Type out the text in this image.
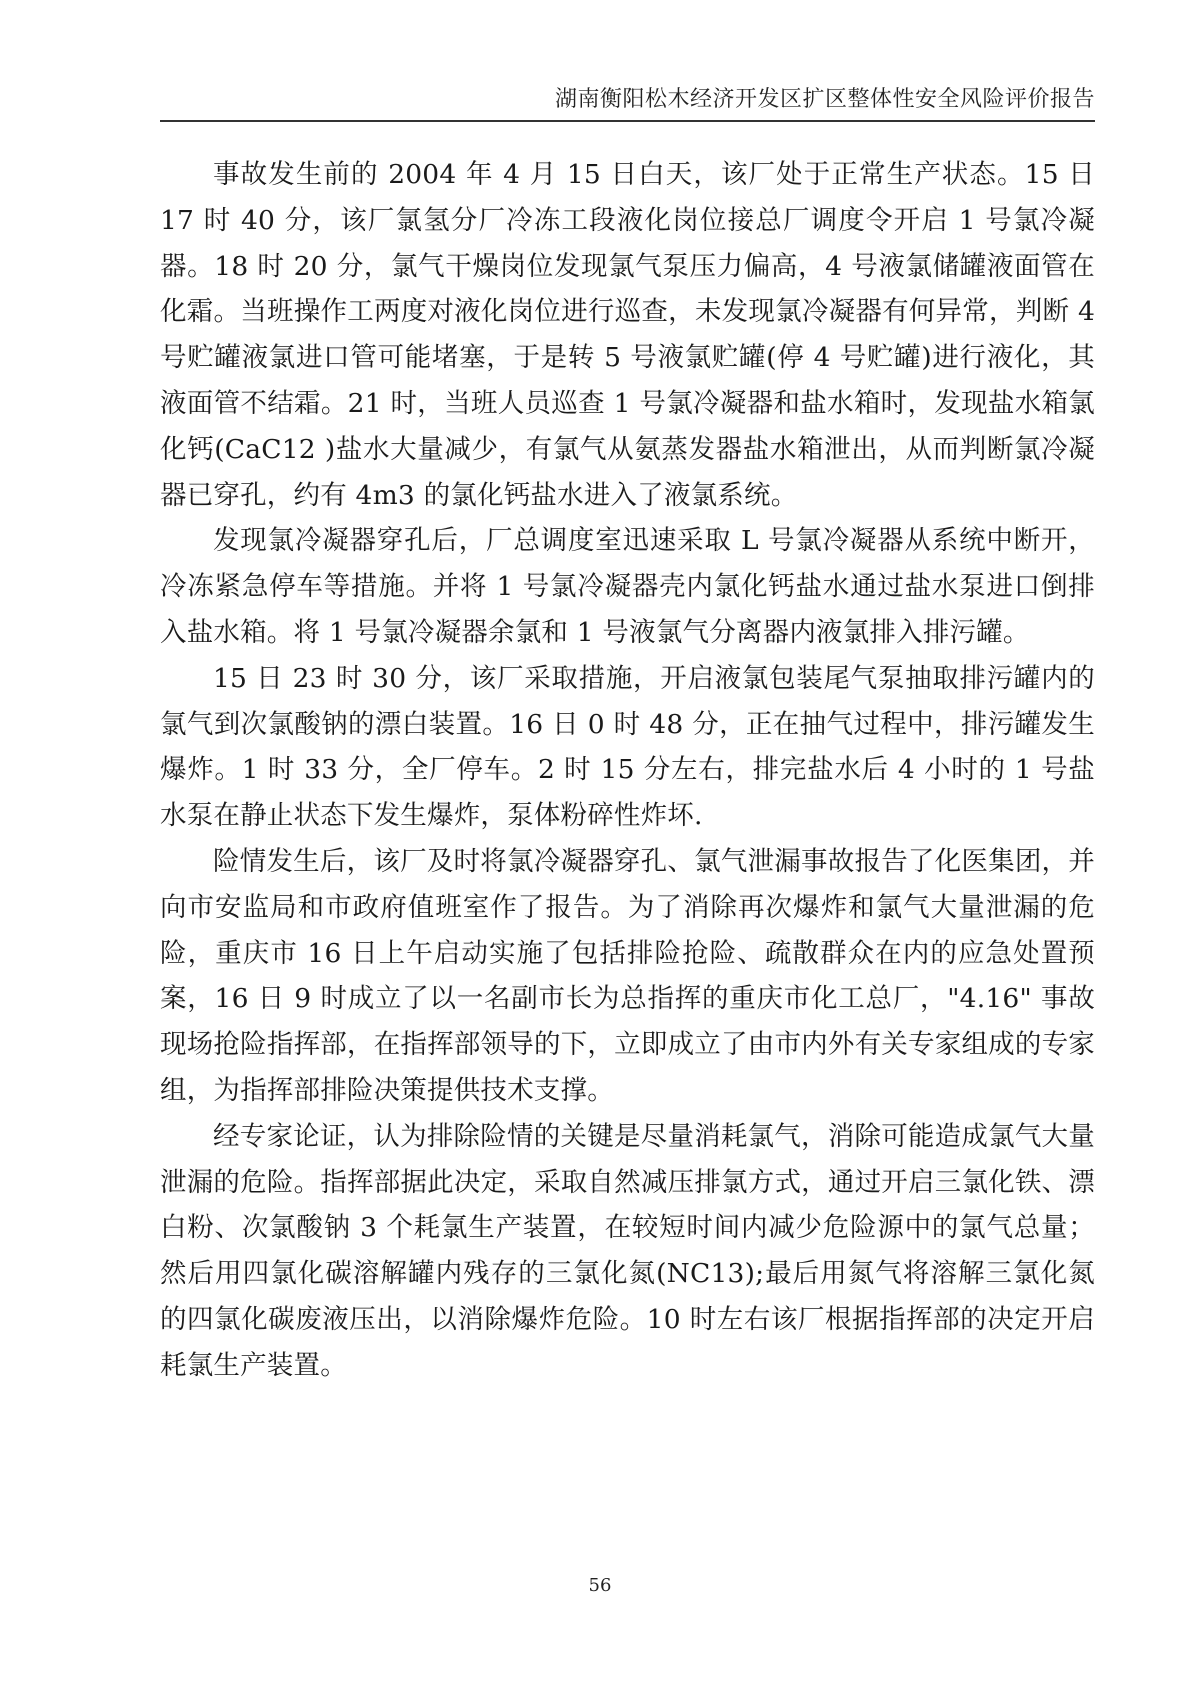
湖南衡阳松木经济开发区扩区整体性安全风险评价报告

事故发生前的 2004 年 4 月 15 日白天，该厂处于正常生产状态。15 日 17 时 40 分，该厂氯氢分厂冷冻工段液化岗位接总厂调度令开启 1 号氯冷凝器。18 时 20 分，氯气干燥岗位发现氯气泵压力偏高，4 号液氯储罐液面管在化霜。当班操作工两度对液化岗位进行巡查，未发现氯冷凝器有何异常，判断 4 号贮罐液氯进口管可能堵塞，于是转 5 号液氯贮罐(停 4 号贮罐)进行液化，其液面管不结霜。21 时，当班人员巡查 1 号氯冷凝器和盐水箱时，发现盐水箱氯化钙(CaC12 )盐水大量减少，有氯气从氨蒸发器盐水箱泄出，从而判断氯冷凝器已穿孔，约有 4m3 的氯化钙盐水进入了液氯系统。

发现氯冷凝器穿孔后，厂总调度室迅速采取 L 号氯冷凝器从系统中断开，冷冻紧急停车等措施。并将 1 号氯冷凝器壳内氯化钙盐水通过盐水泵进口倒排入盐水箱。将 1 号氯冷凝器余氯和 1 号液氯气分离器内液氯排入排污罐。

15 日 23 时 30 分，该厂采取措施，开启液氯包装尾气泵抽取排污罐内的氯气到次氯酸钠的漂白装置。16 日 0 时 48 分，正在抽气过程中，排污罐发生爆炸。1 时 33 分，全厂停车。2 时 15 分左右，排完盐水后 4 小时的 1 号盐水泵在静止状态下发生爆炸，泵体粉碎性炸坏.

险情发生后，该厂及时将氯冷凝器穿孔、氯气泄漏事故报告了化医集团，并向市安监局和市政府值班室作了报告。为了消除再次爆炸和氯气大量泄漏的危险，重庆市 16 日上午启动实施了包括排险抢险、疏散群众在内的应急处置预案，16 日 9 时成立了以一名副市长为总指挥的重庆市化工总厂，"4.16" 事故现场抢险指挥部，在指挥部领导的下，立即成立了由市内外有关专家组成的专家组，为指挥部排险决策提供技术支撑。

经专家论证，认为排除险情的关键是尽量消耗氯气，消除可能造成氯气大量泄漏的危险。指挥部据此决定，采取自然减压排氯方式，通过开启三氯化铁、漂白粉、次氯酸钠 3 个耗氯生产装置，在较短时间内减少危险源中的氯气总量；然后用四氯化碳溶解罐内残存的三氯化氮(NC13);最后用氮气将溶解三氯化氮的四氯化碳废液压出，以消除爆炸危险。10 时左右该厂根据指挥部的决定开启耗氯生产装置。

56
